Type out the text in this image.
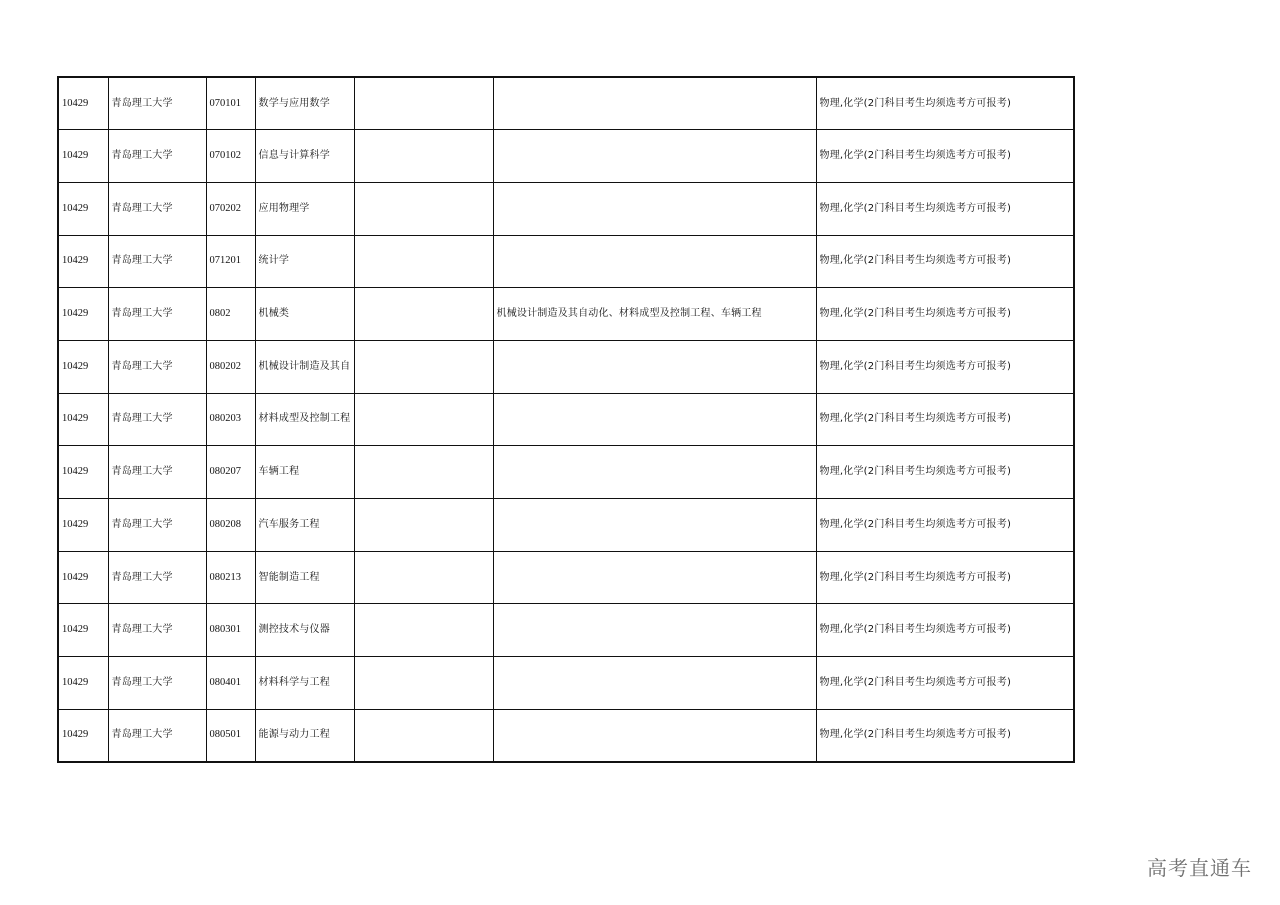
10429	青岛理工大学	070101	数学与应用数学			物理,化学(2门科目考生均须选考方可报考)
10429	青岛理工大学	070102	信息与计算科学			物理,化学(2门科目考生均须选考方可报考)
10429	青岛理工大学	070202	应用物理学			物理,化学(2门科目考生均须选考方可报考)
10429	青岛理工大学	071201	统计学			物理,化学(2门科目考生均须选考方可报考)
10429	青岛理工大学	0802	机械类		机械设计制造及其自动化、材料成型及控制工程、车辆工程	物理,化学(2门科目考生均须选考方可报考)
10429	青岛理工大学	080202	机械设计制造及其自			物理,化学(2门科目考生均须选考方可报考)
10429	青岛理工大学	080203	材料成型及控制工程			物理,化学(2门科目考生均须选考方可报考)
10429	青岛理工大学	080207	车辆工程			物理,化学(2门科目考生均须选考方可报考)
10429	青岛理工大学	080208	汽车服务工程			物理,化学(2门科目考生均须选考方可报考)
10429	青岛理工大学	080213	智能制造工程			物理,化学(2门科目考生均须选考方可报考)
10429	青岛理工大学	080301	测控技术与仪器			物理,化学(2门科目考生均须选考方可报考)
10429	青岛理工大学	080401	材料科学与工程			物理,化学(2门科目考生均须选考方可报考)
10429	青岛理工大学	080501	能源与动力工程			物理,化学(2门科目考生均须选考方可报考)
高考直通车
